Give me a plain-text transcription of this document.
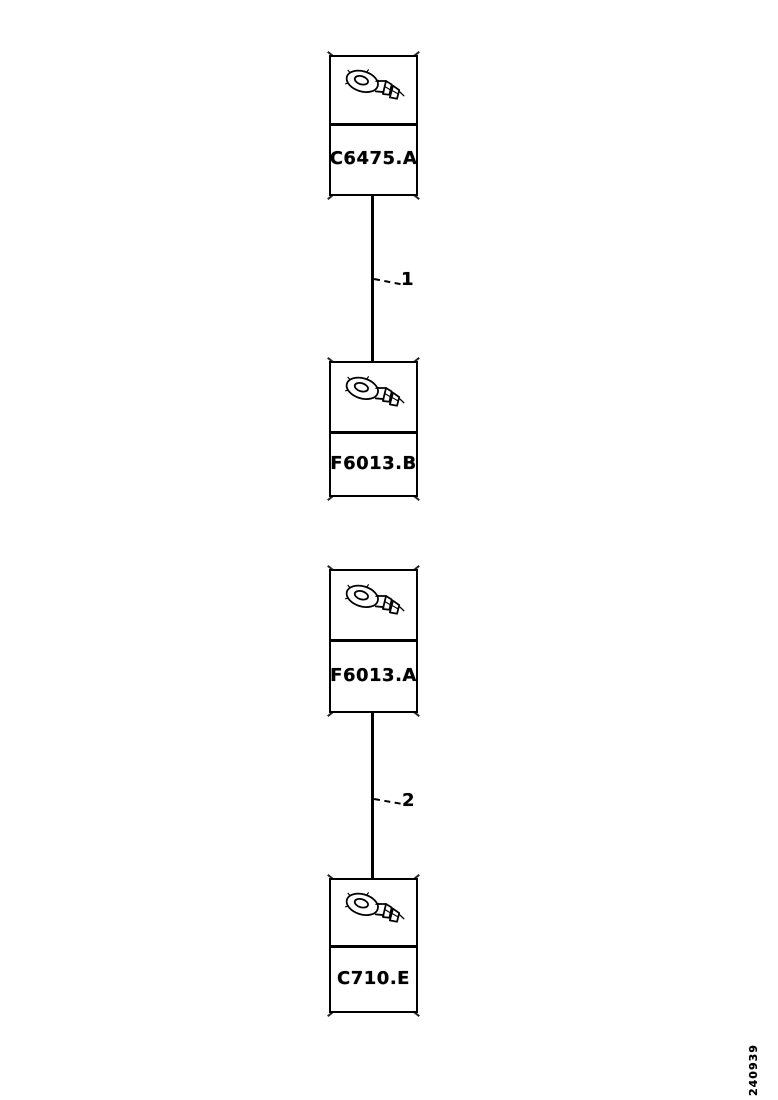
C6475.A
1
F6013.B
F6013.A
2
C710.E
240939
